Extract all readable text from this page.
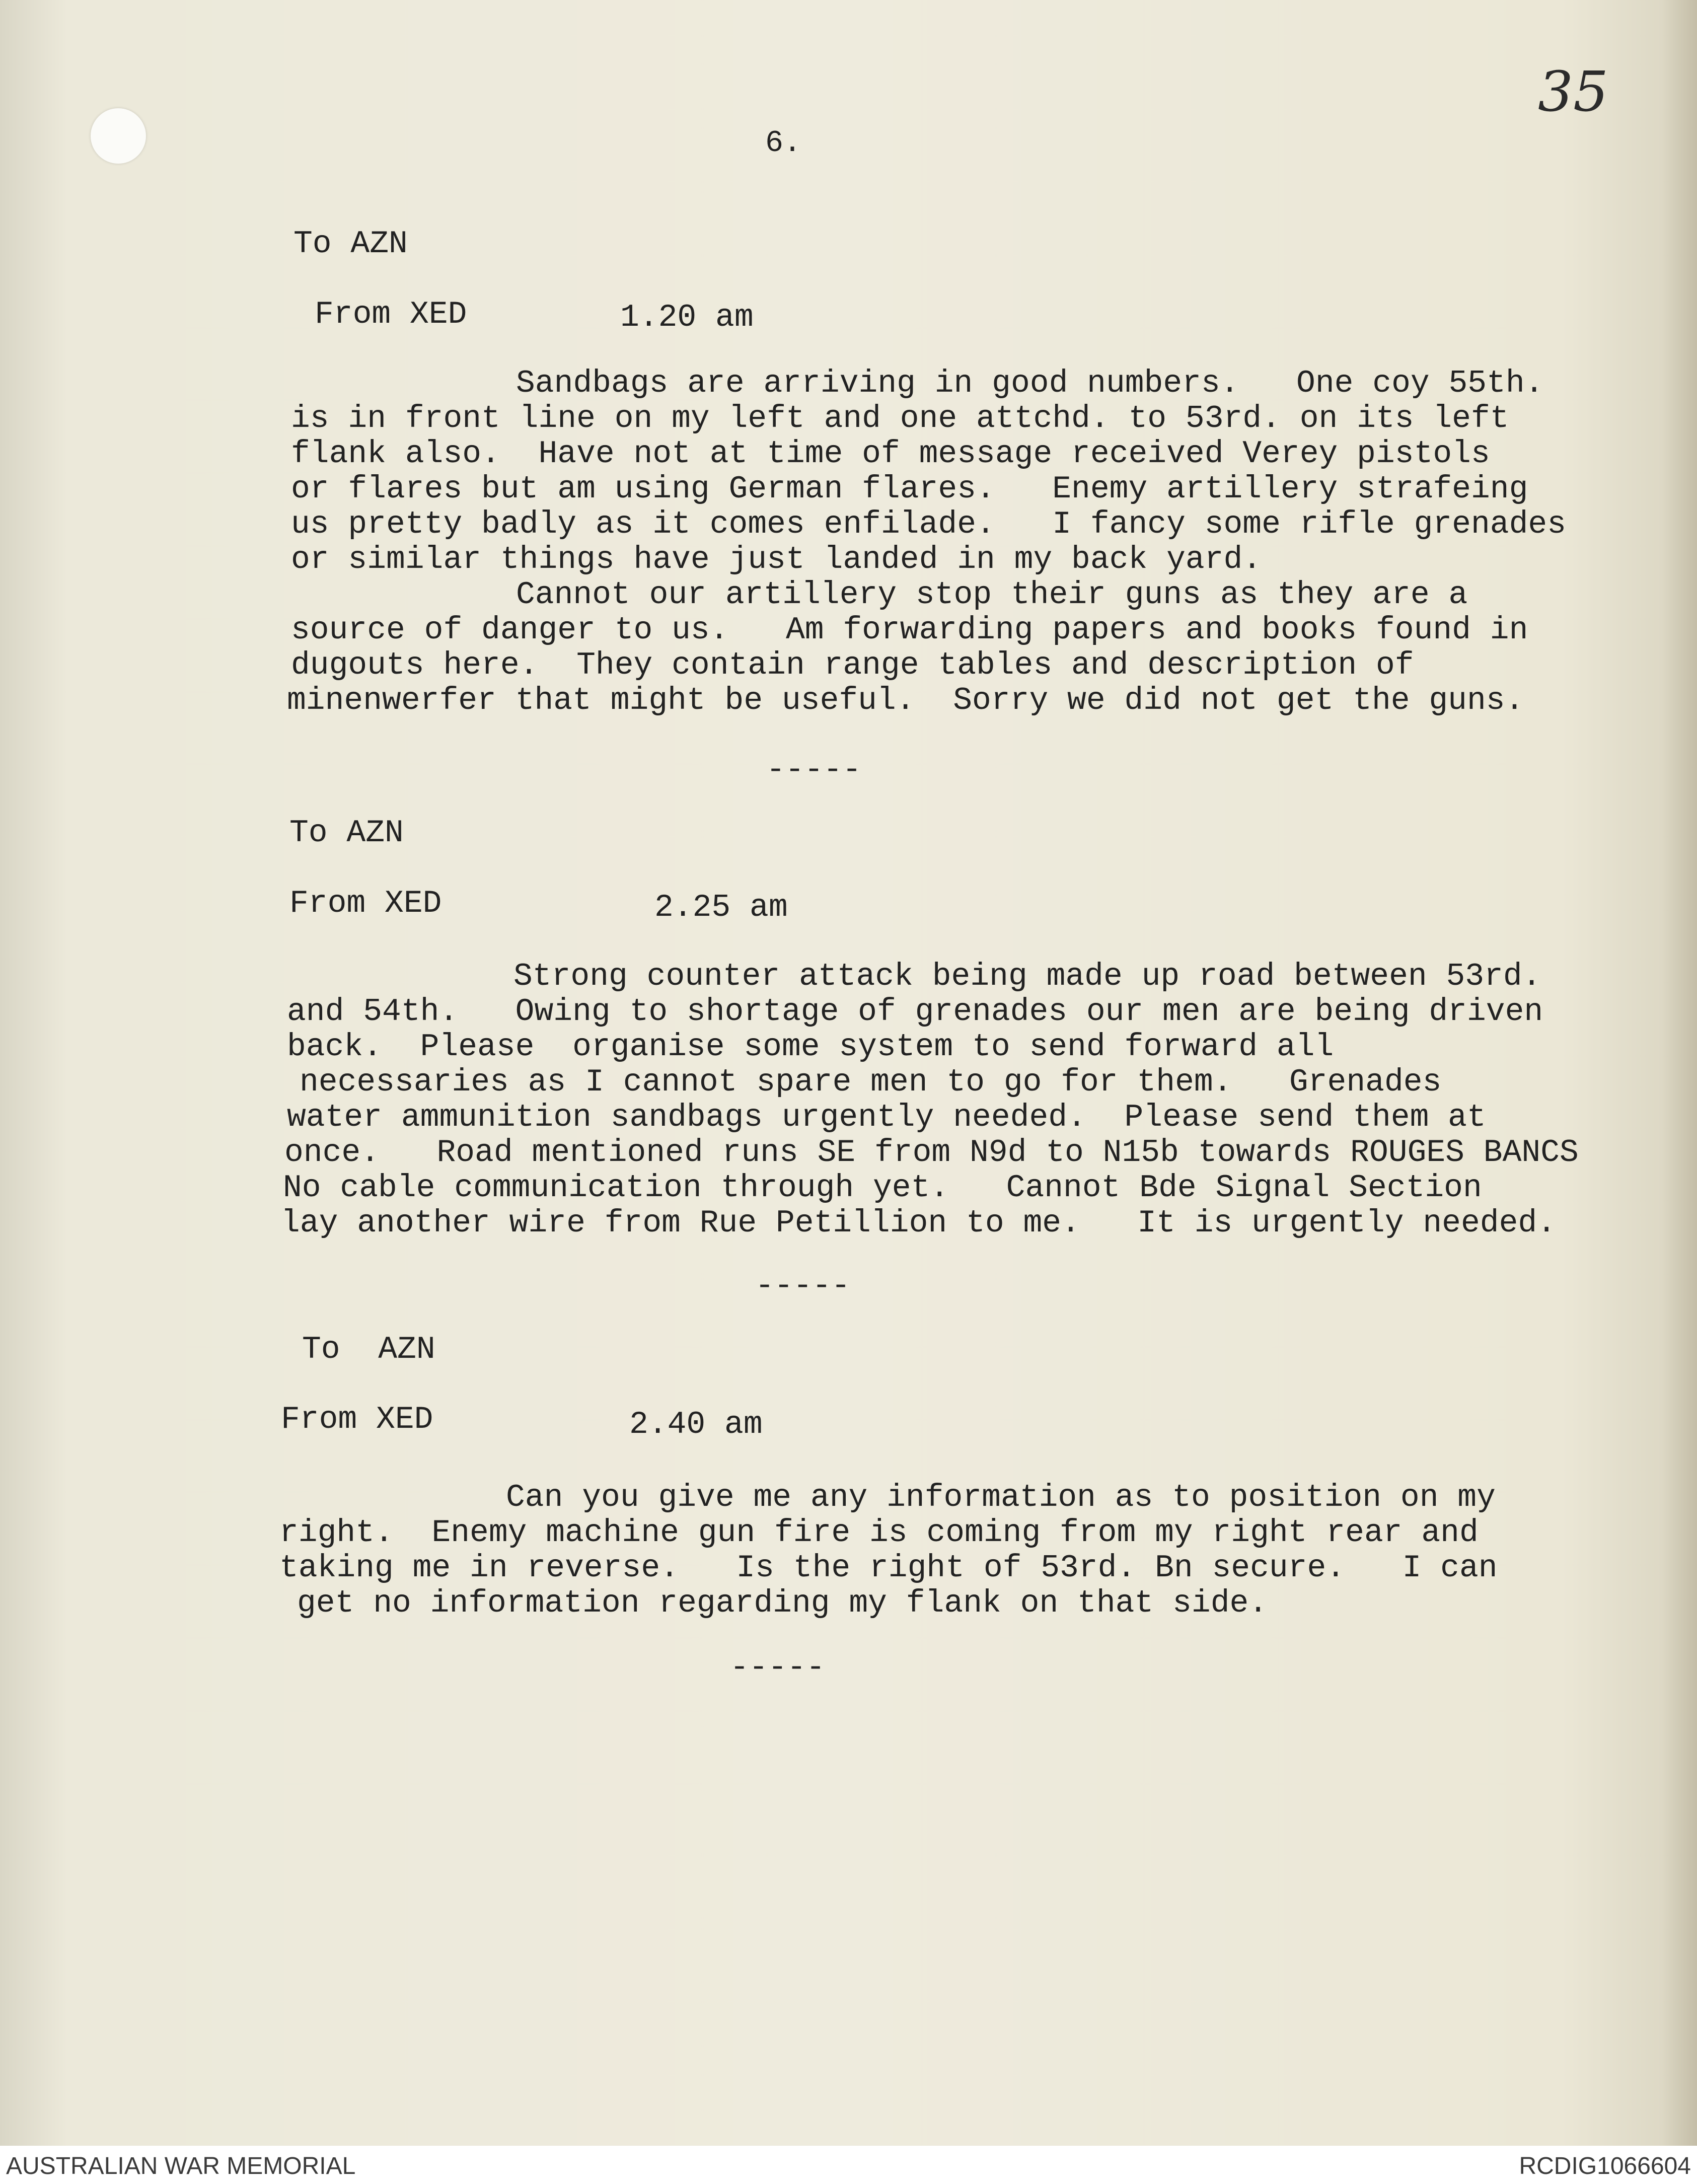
35
6.
To AZN
From XED	1.20 am
Sandbags are arriving in good numbers.   One coy 55th.
is in front line on my left and one attchd. to 53rd. on its left
flank also.  Have not at time of message received Verey pistols
or flares but am using German flares.   Enemy artillery strafeing
us pretty badly as it comes enfilade.   I fancy some rifle grenades
or similar things have just landed in my back yard.
Cannot our artillery stop their guns as they are a
source of danger to us.   Am forwarding papers and books found in
dugouts here.  They contain range tables and description of
minenwerfer that might be useful.  Sorry we did not get the guns.
-----
To AZN
From XED	2.25 am
Strong counter attack being made up road between 53rd.
and 54th.   Owing to shortage of grenades our men are being driven
back.  Please  organise some system to send forward all
necessaries as I cannot spare men to go for them.   Grenades
water ammunition sandbags urgently needed.  Please send them at
once.   Road mentioned runs SE from N9d to N15b towards ROUGES BANCS
No cable communication through yet.   Cannot Bde Signal Section
lay another wire from Rue Petillion to me.   It is urgently needed.
-----
To  AZN
From XED	2.40 am
Can you give me any information as to position on my
right.  Enemy machine gun fire is coming from my right rear and
taking me in reverse.   Is the right of 53rd. Bn secure.   I can
get no information regarding my flank on that side.
-----
AUSTRALIAN WAR MEMORIAL	RCDIG1066604
